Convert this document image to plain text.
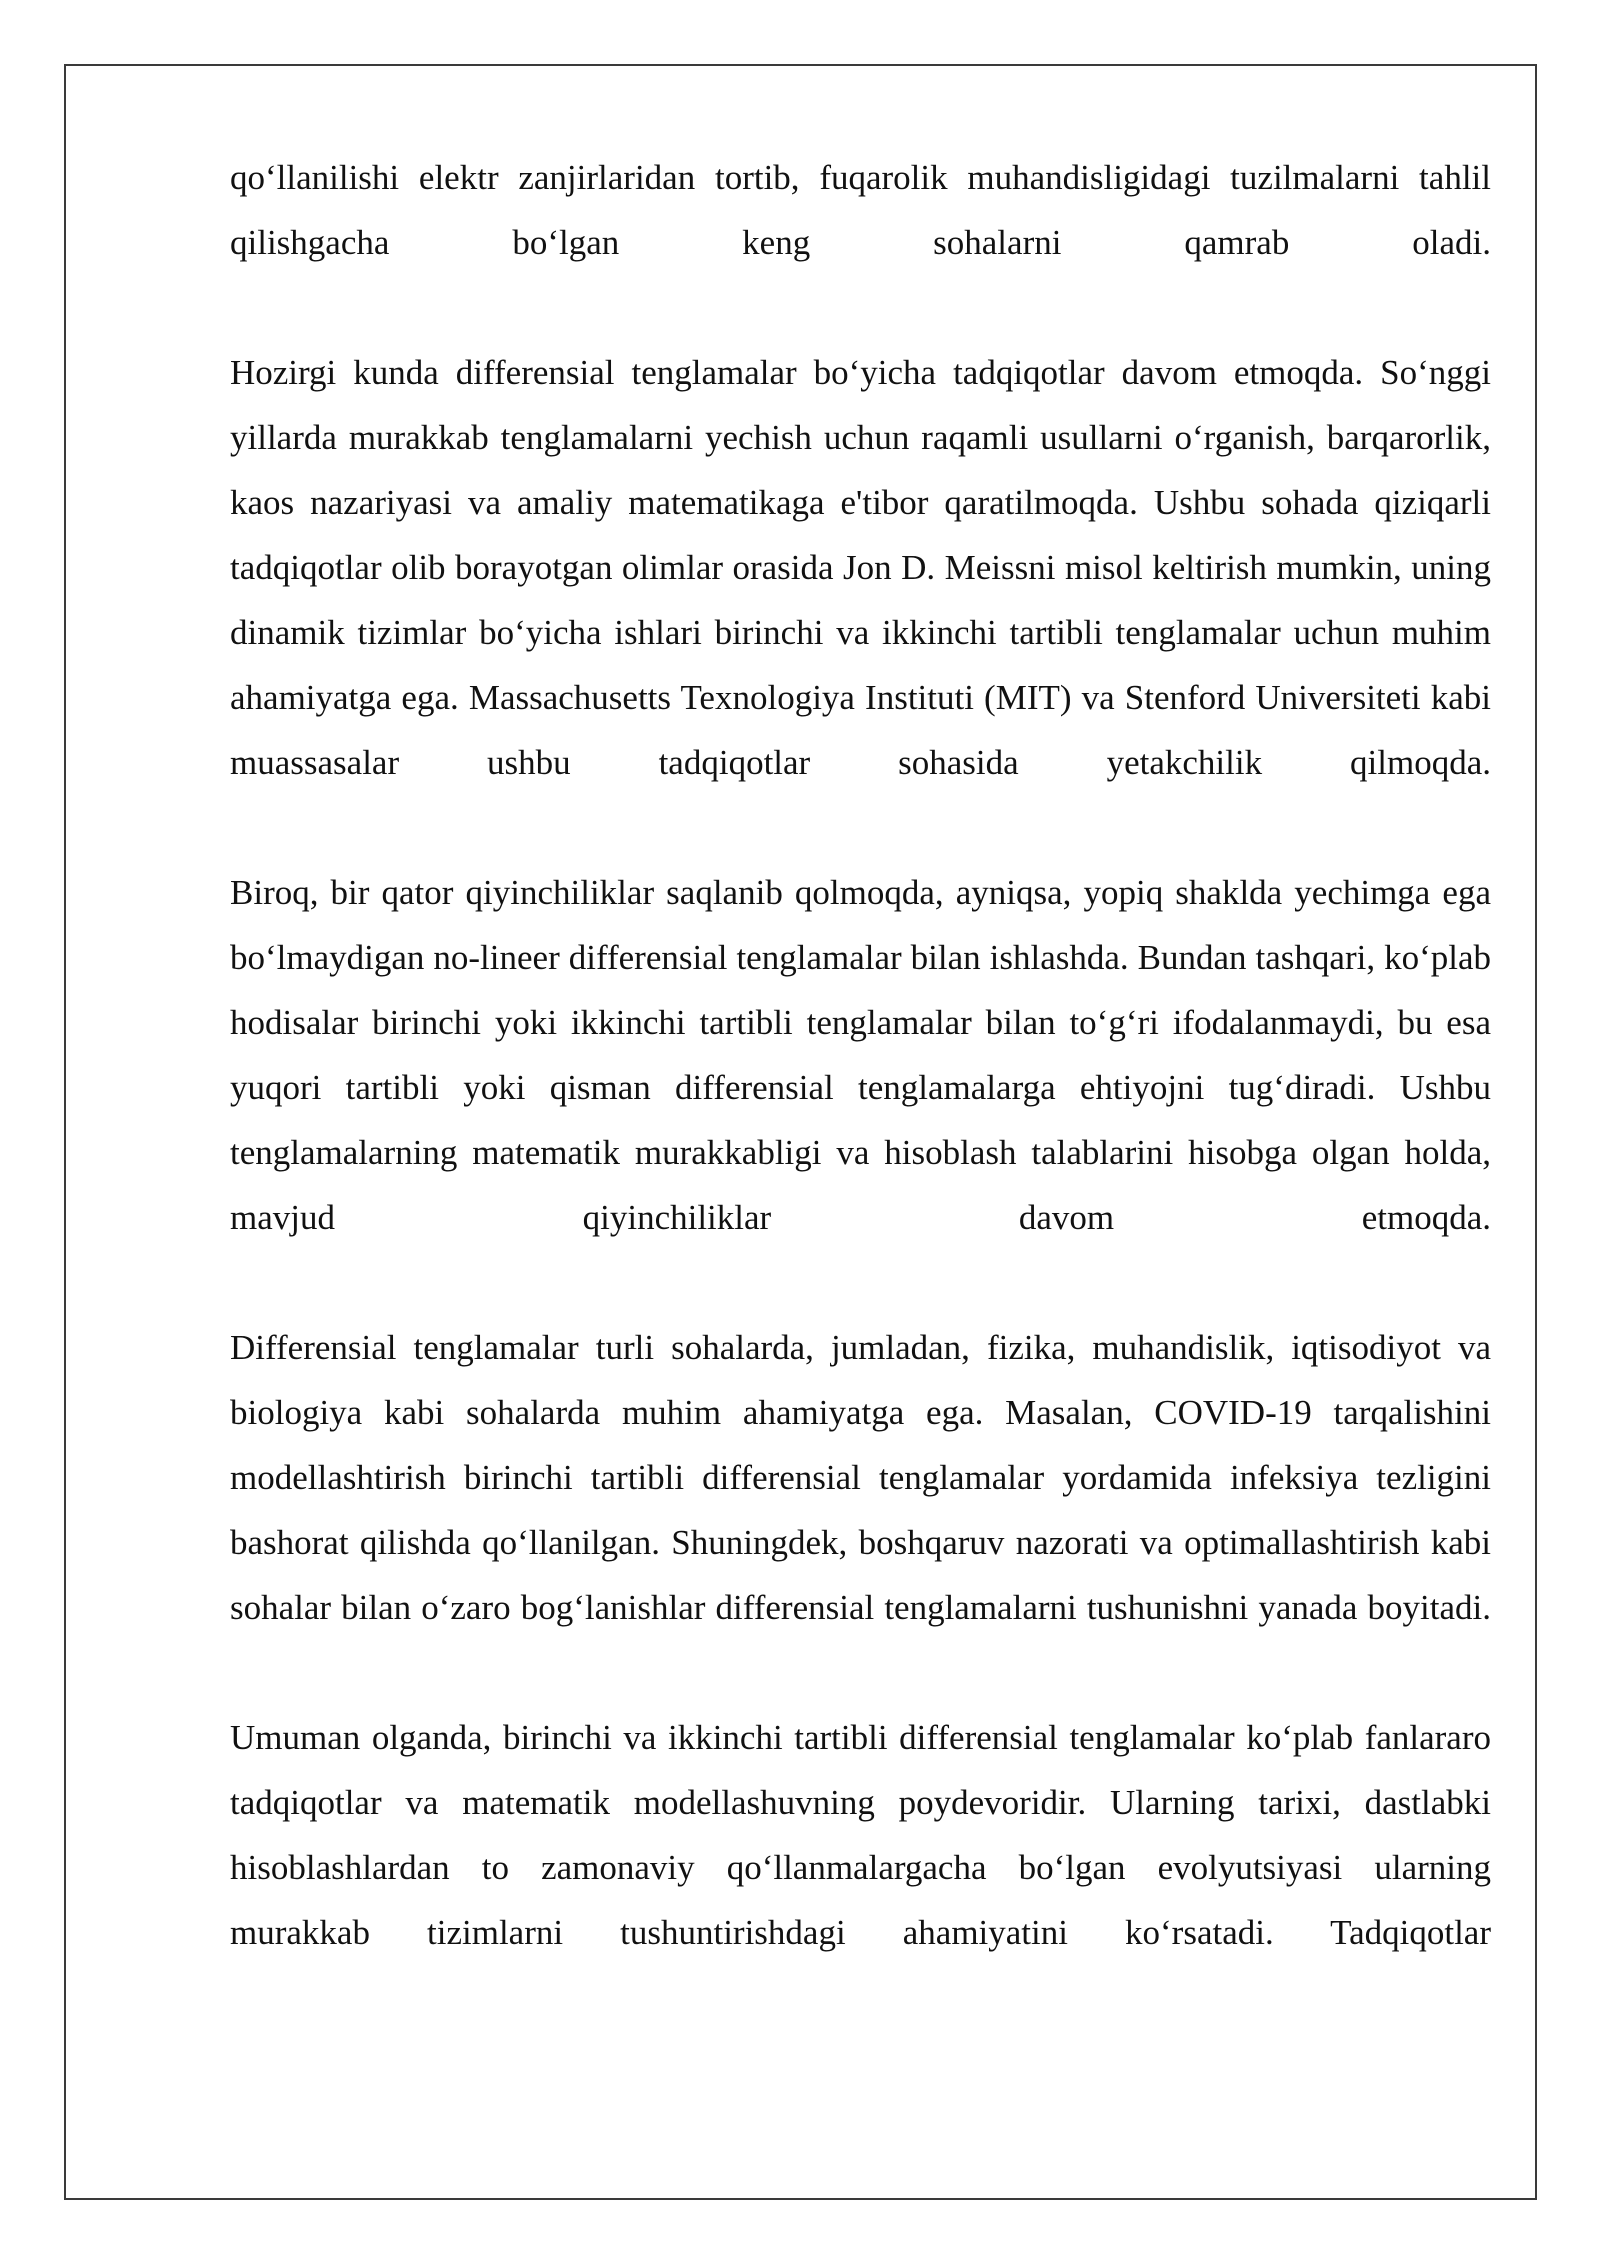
qo‘llanilishi elektr zanjirlaridan tortib, fuqarolik muhandisligidagi tuzilmalarni tahlil qilishgacha bo‘lgan keng sohalarni qamrab oladi.

Hozirgi kunda differensial tenglamalar bo‘yicha tadqiqotlar davom etmoqda. So‘nggi yillarda murakkab tenglamalarni yechish uchun raqamli usullarni o‘rganish, barqarorlik, kaos nazariyasi va amaliy matematikaga e'tibor qaratilmoqda. Ushbu sohada qiziqarli tadqiqotlar olib borayotgan olimlar orasida Jon D. Meissni misol keltirish mumkin, uning dinamik tizimlar bo‘yicha ishlari birinchi va ikkinchi tartibli tenglamalar uchun muhim ahamiyatga ega. Massachusetts Texnologiya Instituti (MIT) va Stenford Universiteti kabi muassasalar ushbu tadqiqotlar sohasida yetakchilik qilmoqda.

Biroq, bir qator qiyinchiliklar saqlanib qolmoqda, ayniqsa, yopiq shaklda yechimga ega bo‘lmaydigan no-lineer differensial tenglamalar bilan ishlashda. Bundan tashqari, ko‘plab hodisalar birinchi yoki ikkinchi tartibli tenglamalar bilan to‘g‘ri ifodalanmaydi, bu esa yuqori tartibli yoki qisman differensial tenglamalarga ehtiyojni tug‘diradi. Ushbu tenglamalarning matematik murakkabligi va hisoblash talablarini hisobga olgan holda, mavjud qiyinchiliklar davom etmoqda.

Differensial tenglamalar turli sohalarda, jumladan, fizika, muhandislik, iqtisodiyot va biologiya kabi sohalarda muhim ahamiyatga ega. Masalan, COVID-19 tarqalishini modellashtirish birinchi tartibli differensial tenglamalar yordamida infeksiya tezligini bashorat qilishda qo‘llanilgan. Shuningdek, boshqaruv nazorati va optimallashtirish kabi sohalar bilan o‘zaro bog‘lanishlar differensial tenglamalarni tushunishni yanada boyitadi.

Umuman olganda, birinchi va ikkinchi tartibli differensial tenglamalar ko‘plab fanlararo tadqiqotlar va matematik modellashuvning poydevoridir. Ularning tarixi, dastlabki hisoblashlardan to zamonaviy qo‘llanmalargacha bo‘lgan evolyutsiyasi ularning murakkab tizimlarni tushuntirishdagi ahamiyatini ko‘rsatadi. Tadqiqotlar
